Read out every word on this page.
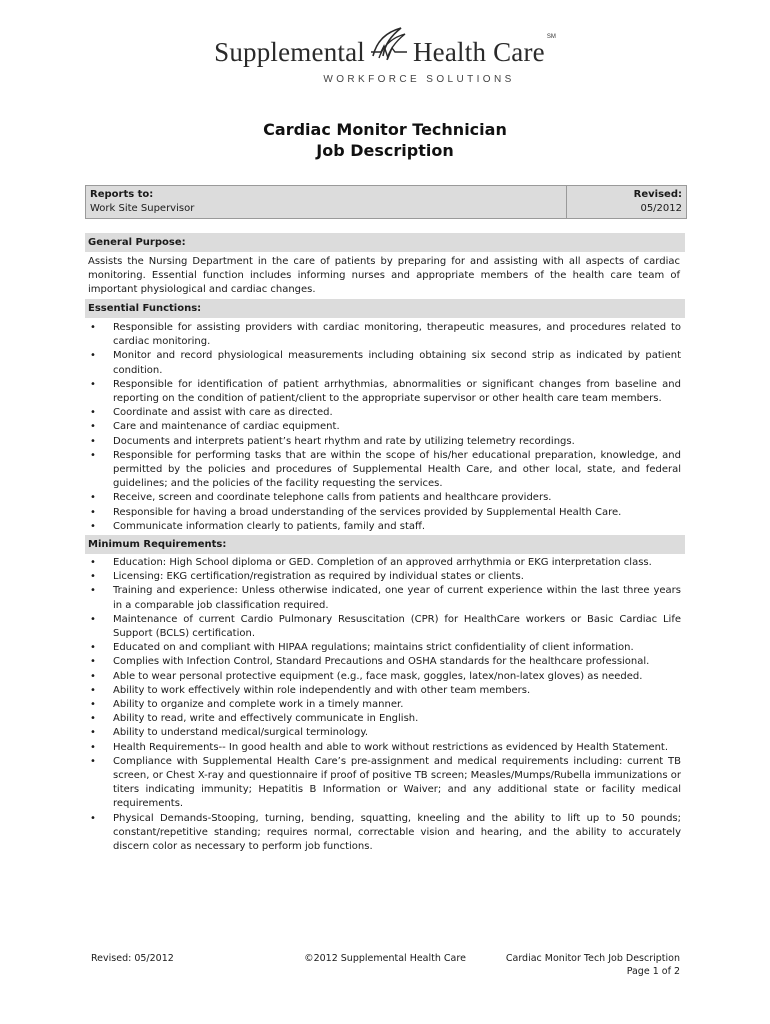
Supplemental Health Care SM
WORKFORCE SOLUTIONS
Cardiac Monitor Technician
Job Description
Reports to:
Work Site Supervisor
Revised:
05/2012
General Purpose:
Assists the Nursing Department in the care of patients by preparing for and assisting with all aspects of cardiac monitoring. Essential function includes informing nurses and appropriate members of the health care team of important physiological and cardiac changes.
Essential Functions:
• Responsible for assisting providers with cardiac monitoring, therapeutic measures, and procedures related to cardiac monitoring.
• Monitor and record physiological measurements including obtaining six second strip as indicated by patient condition.
• Responsible for identification of patient arrhythmias, abnormalities or significant changes from baseline and reporting on the condition of patient/client to the appropriate supervisor or other health care team members.
• Coordinate and assist with care as directed.
• Care and maintenance of cardiac equipment.
• Documents and interprets patient’s heart rhythm and rate by utilizing telemetry recordings.
• Responsible for performing tasks that are within the scope of his/her educational preparation, knowledge, and permitted by the policies and procedures of Supplemental Health Care, and other local, state, and federal guidelines; and the policies of the facility requesting the services.
• Receive, screen and coordinate telephone calls from patients and healthcare providers.
• Responsible for having a broad understanding of the services provided by Supplemental Health Care.
• Communicate information clearly to patients, family and staff.
Minimum Requirements:
• Education: High School diploma or GED. Completion of an approved arrhythmia or EKG interpretation class.
• Licensing: EKG certification/registration as required by individual states or clients.
• Training and experience: Unless otherwise indicated, one year of current experience within the last three years in a comparable job classification required.
• Maintenance of current Cardio Pulmonary Resuscitation (CPR) for HealthCare workers or Basic Cardiac Life Support (BCLS) certification.
• Educated on and compliant with HIPAA regulations; maintains strict confidentiality of client information.
• Complies with Infection Control, Standard Precautions and OSHA standards for the healthcare professional.
• Able to wear personal protective equipment (e.g., face mask, goggles, latex/non-latex gloves) as needed.
• Ability to work effectively within role independently and with other team members.
• Ability to organize and complete work in a timely manner.
• Ability to read, write and effectively communicate in English.
• Ability to understand medical/surgical terminology.
• Health Requirements-- In good health and able to work without restrictions as evidenced by Health Statement.
• Compliance with Supplemental Health Care’s pre-assignment and medical requirements including: current TB screen, or Chest X-ray and questionnaire if proof of positive TB screen; Measles/Mumps/Rubella immunizations or titers indicating immunity; Hepatitis B Information or Waiver; and any additional state or facility medical requirements.
• Physical Demands-Stooping, turning, bending, squatting, kneeling and the ability to lift up to 50 pounds; constant/repetitive standing; requires normal, correctable vision and hearing, and the ability to accurately discern color as necessary to perform job functions.
Revised: 05/2012	©2012 Supplemental Health Care	Cardiac Monitor Tech Job Description
Page 1 of 2
